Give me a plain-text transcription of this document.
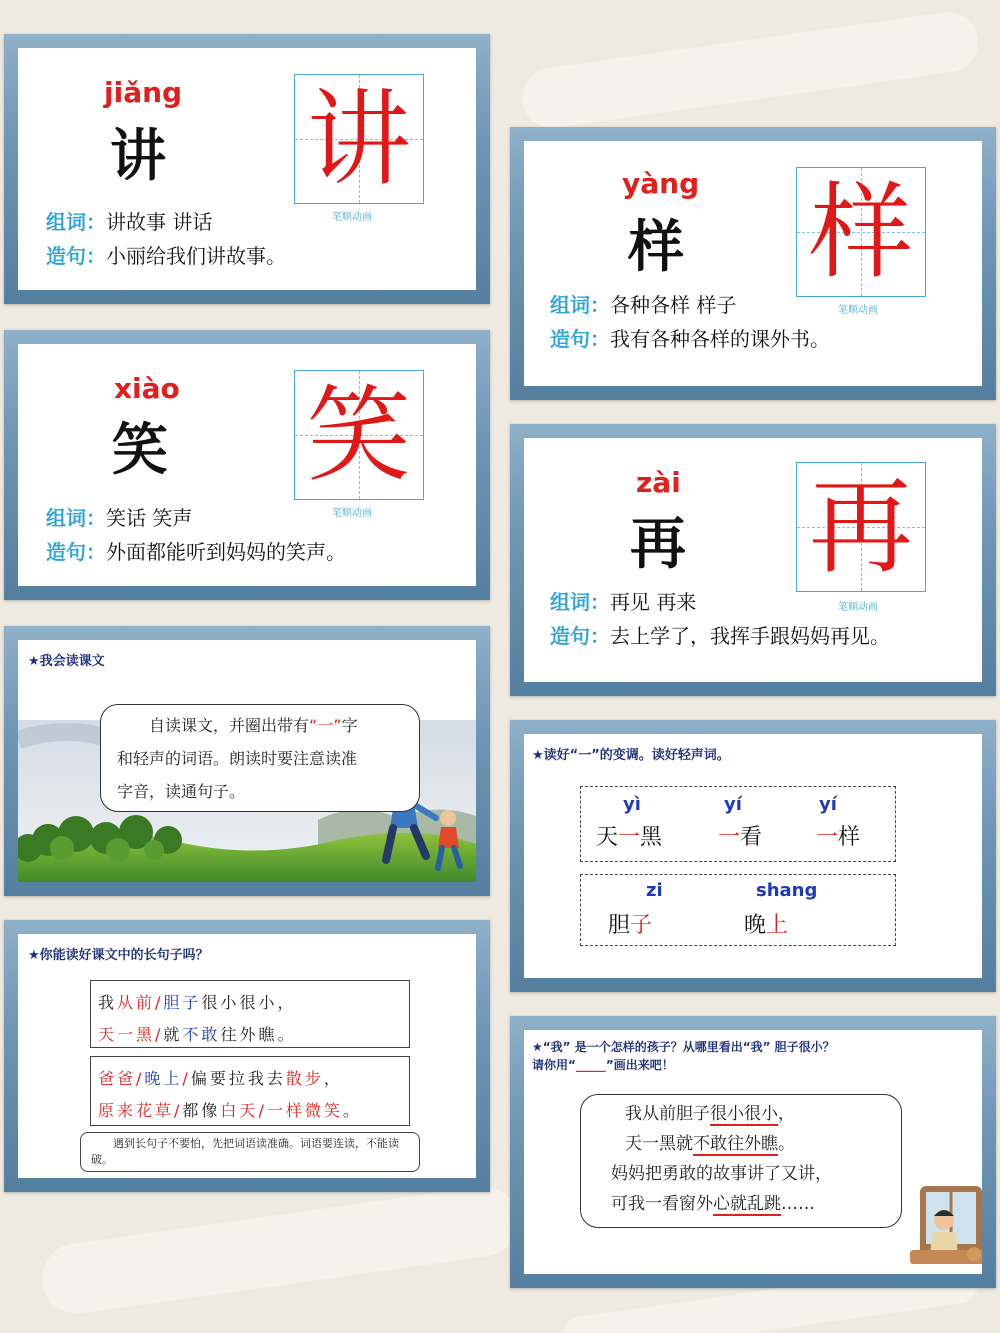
jiǎng
讲 讲
笔顺动画
组词：讲故事 讲话
造句：小丽给我们讲故事。
yàng
样 样
笔顺动画
组词：各种各样 样子
造句：我有各种各样的课外书。
xiào
笑 笑
笔顺动画
组词：笑话 笑声
造句：外面都能听到妈妈的笑声。
zài
再 再
笔顺动画
组词：再见 再来
造句：去上学了，我挥手跟妈妈再见。
★我会读课文
自读课文，并圈出带有“一”字
和轻声的词语。朗读时要注意读准
字音，读通句子。
★读好“一”的变调。读好轻声词。
yì	yí	yí
天一黑	一看 一样
zi	shang
胆子	晚上
★你能读好课文中的长句子吗？
我从前/胆子很小很小，
天一黑/就不敢往外瞧。
爸爸/晚上/偏要拉我去散步，
原来花草/都像白天/一样微笑。
遇到长句子不要怕，先把词语读准确。词语要连读，不能读破。
★“我” 是一个怎样的孩子？从哪里看出“我” 胆子很小？
请你用“_____”画出来吧！
我从前胆子很小很小，
天一黑就不敢往外瞧。
妈妈把勇敢的故事讲了又讲，
可我一看窗外心就乱跳……
